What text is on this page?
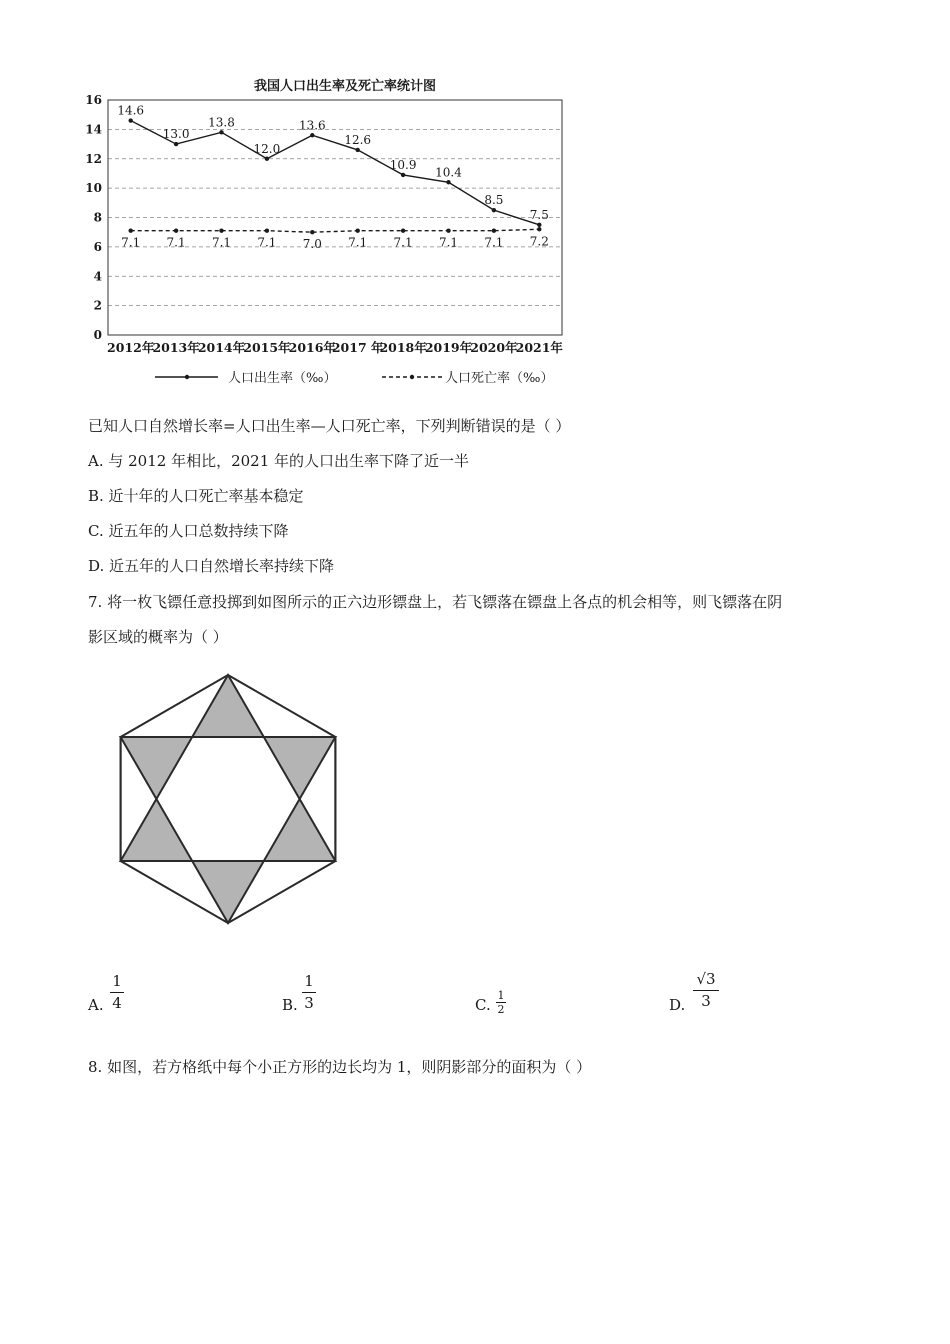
我国人口出生率及死亡率统计图
0
2
4
6
8
10
12
14
16
2012年
2013年
2014年
2015年
2016年
2017 年
2018年
2019年
2020年
2021年
14.6
13.0
13.8
12.0
13.6
12.6
10.9
10.4
8.5
7.5
7.1 7.1 7.1 7.1 7.0 7.1 7.1 7.1 7.1 7.2
人口出生率（‰）	人口死亡率（‰）
已知人口自然增长率=人口出生率—人口死亡率，下列判断错误的是（ ）
A. 与 2012 年相比，2021 年的人口出生率下降了近一半
B. 近十年的人口死亡率基本稳定
C. 近五年的人口总数持续下降
D. 近五年的人口自然增长率持续下降
7. 将一枚飞镖任意投掷到如图所示的正六边形镖盘上，若飞镖落在镖盘上各点的机会相等，则飞镖落在阴
影区域的概率为（ ）
A.
1
4	B.
1
3	C.
1
2	D.
√3
3
8. 如图，若方格纸中每个小正方形的边长均为 1，则阴影部分的面积为（ ）
